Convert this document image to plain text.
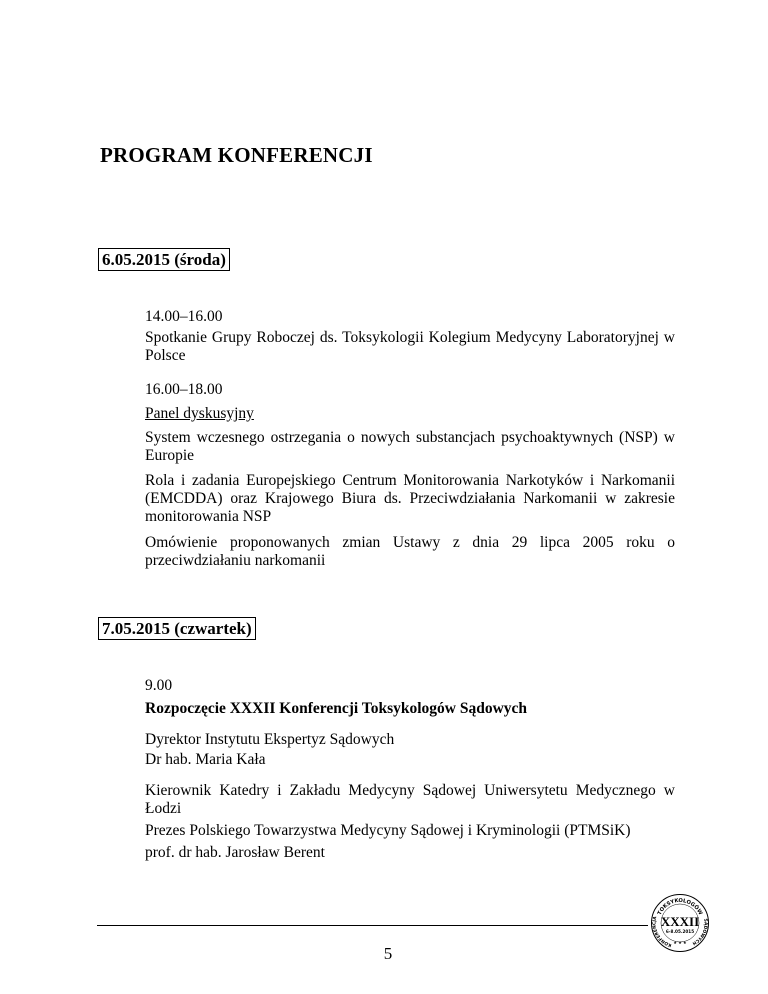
PROGRAM KONFERENCJI
6.05.2015 (środa)
14.00–16.00
Spotkanie Grupy Roboczej ds. Toksykologii Kolegium Medycyny Laboratoryjnej w Polsce
16.00–18.00
Panel dyskusyjny
System wczesnego ostrzegania o nowych substancjach psychoaktywnych (NSP) w Europie
Rola i zadania Europejskiego Centrum Monitorowania Narkotyków i Narkomanii (EMCDDA) oraz Krajowego Biura ds. Przeciwdziałania Narkomanii w zakresie monitorowania NSP
Omówienie proponowanych zmian Ustawy z dnia 29 lipca 2005 roku o przeciwdziałaniu narkomanii
7.05.2015 (czwartek)
9.00
Rozpoczęcie XXXII Konferencji Toksykologów Sądowych
Dyrektor Instytutu Ekspertyz Sądowych
Dr hab. Maria Kała
Kierownik Katedry i Zakładu Medycyny Sądowej Uniwersytetu Medycznego w Łodzi
Prezes Polskiego Towarzystwa Medycyny Sądowej i Kryminologii (PTMSiK)
prof. dr hab. Jarosław Berent
5
TOKSYKOLOGÓW
KONFERENCJA	SĄDOWYCH
XXXII
6-8.05.2015
★ ★ ★
